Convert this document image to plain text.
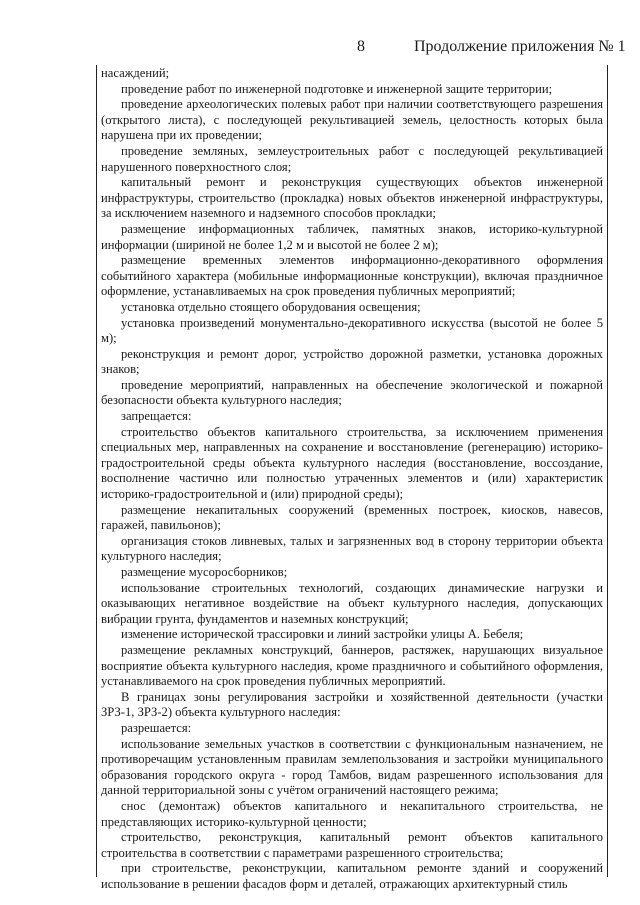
8	Продолжение приложения № 1

насаждений;

проведение работ по инженерной подготовке и инженерной защите территории;

проведение археологических полевых работ при наличии соответствующего разрешения (открытого листа), с последующей рекультивацией земель, целостность которых была нарушена при их проведении;

проведение земляных, землеустроительных работ с последующей рекультивацией нарушенного поверхностного слоя;

капитальный ремонт и реконструкция существующих объектов инженерной инфраструктуры, строительство (прокладка) новых объектов инженерной инфраструктуры, за исключением наземного и надземного способов прокладки;

размещение информационных табличек, памятных знаков, историко-культурной информации (шириной не более 1,2 м и высотой не более 2 м);

размещение временных элементов информационно-декоративного оформления событийного характера (мобильные информационные конструкции), включая праздничное оформление, устанавливаемых на срок проведения публичных мероприятий;

установка отдельно стоящего оборудования освещения;

установка произведений монументально-декоративного искусства (высотой не более 5 м);

реконструкция и ремонт дорог, устройство дорожной разметки, установка дорожных знаков;

проведение мероприятий, направленных на обеспечение экологической и пожарной безопасности объекта культурного наследия;

запрещается:

строительство объектов капитального строительства, за исключением применения специальных мер, направленных на сохранение и восстановление (регенерацию) историко-градостроительной среды объекта культурного наследия (восстановление, воссоздание, восполнение частично или полностью утраченных элементов и (или) характеристик историко-градостроительной и (или) природной среды);

размещение некапитальных сооружений (временных построек, киосков, навесов, гаражей, павильонов);

организация стоков ливневых, талых и загрязненных вод в сторону территории объекта культурного наследия;

размещение мусоросборников;

использование строительных технологий, создающих динамические нагрузки и оказывающих негативное воздействие на объект культурного наследия, допускающих вибрации грунта, фундаментов и наземных конструкций;

изменение исторической трассировки и линий застройки улицы А. Бебеля;

размещение рекламных конструкций, баннеров, растяжек, нарушающих визуальное восприятие объекта культурного наследия, кроме праздничного и событийного оформления, устанавливаемого на срок проведения публичных мероприятий.

В границах зоны регулирования застройки и хозяйственной деятельности (участки ЗРЗ-1, ЗРЗ-2) объекта культурного наследия:

разрешается:

использование земельных участков в соответствии с функциональным назначением, не противоречащим установленным правилам землепользования и застройки муниципального образования городского округа - город Тамбов, видам разрешенного использования для данной территориальной зоны с учётом ограничений настоящего режима;

снос (демонтаж) объектов капитального и некапитального строительства, не представляющих историко-культурной ценности;

строительство, реконструкция, капитальный ремонт объектов капитального строительства в соответствии с параметрами разрешенного строительства;

при строительстве, реконструкции, капитальном ремонте зданий и сооружений использование в решении фасадов форм и деталей, отражающих архитектурный стиль
